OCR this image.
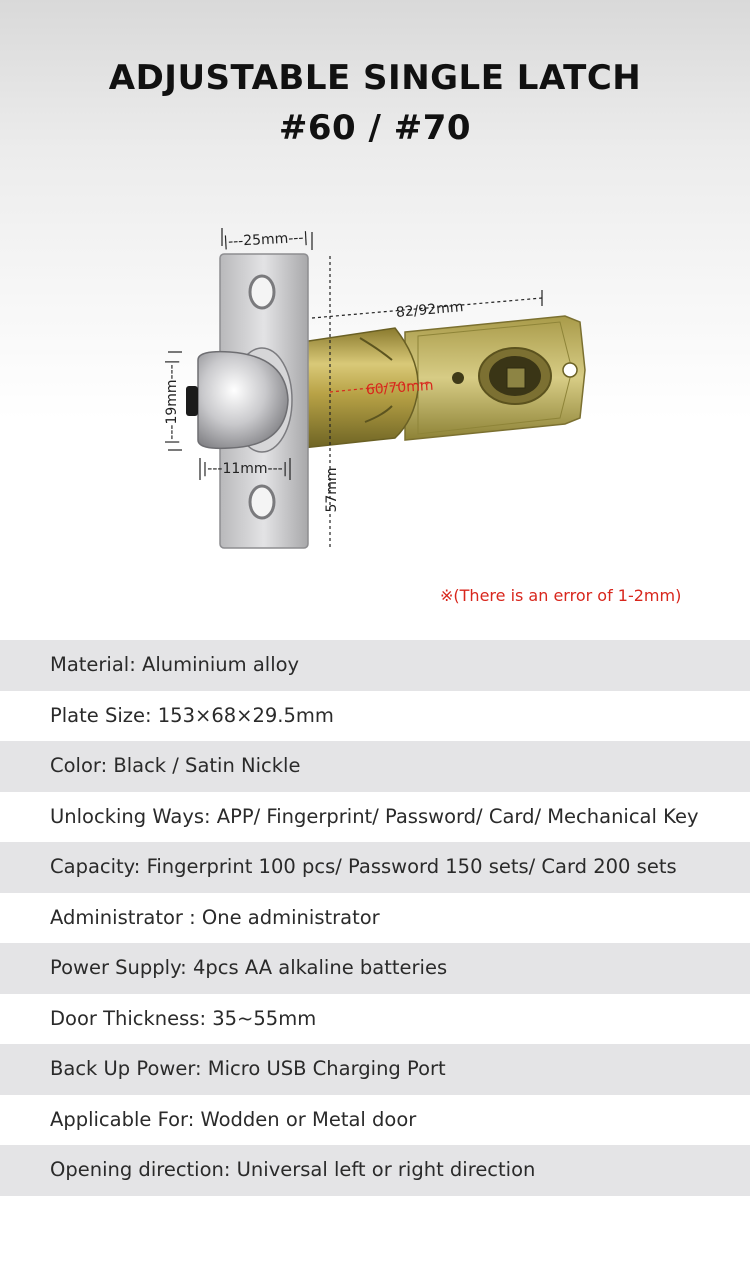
ADJUSTABLE SINGLE LATCH
#60 / #70
|---25mm---|
82/92mm
60/70mm
|---19mm---|
|---11mm---|	57mm
※(There is an error of 1-2mm)
Material: Aluminium alloy
Plate Size: 153×68×29.5mm
Color: Black / Satin Nickle
Unlocking Ways: APP/ Fingerprint/ Password/ Card/ Mechanical Key
Capacity: Fingerprint 100 pcs/ Password 150 sets/ Card 200 sets
Administrator : One administrator
Power Supply: 4pcs AA alkaline batteries
Door Thickness: 35~55mm
Back Up Power: Micro USB Charging Port
Applicable For: Wodden or Metal door
Opening direction: Universal left or right direction
